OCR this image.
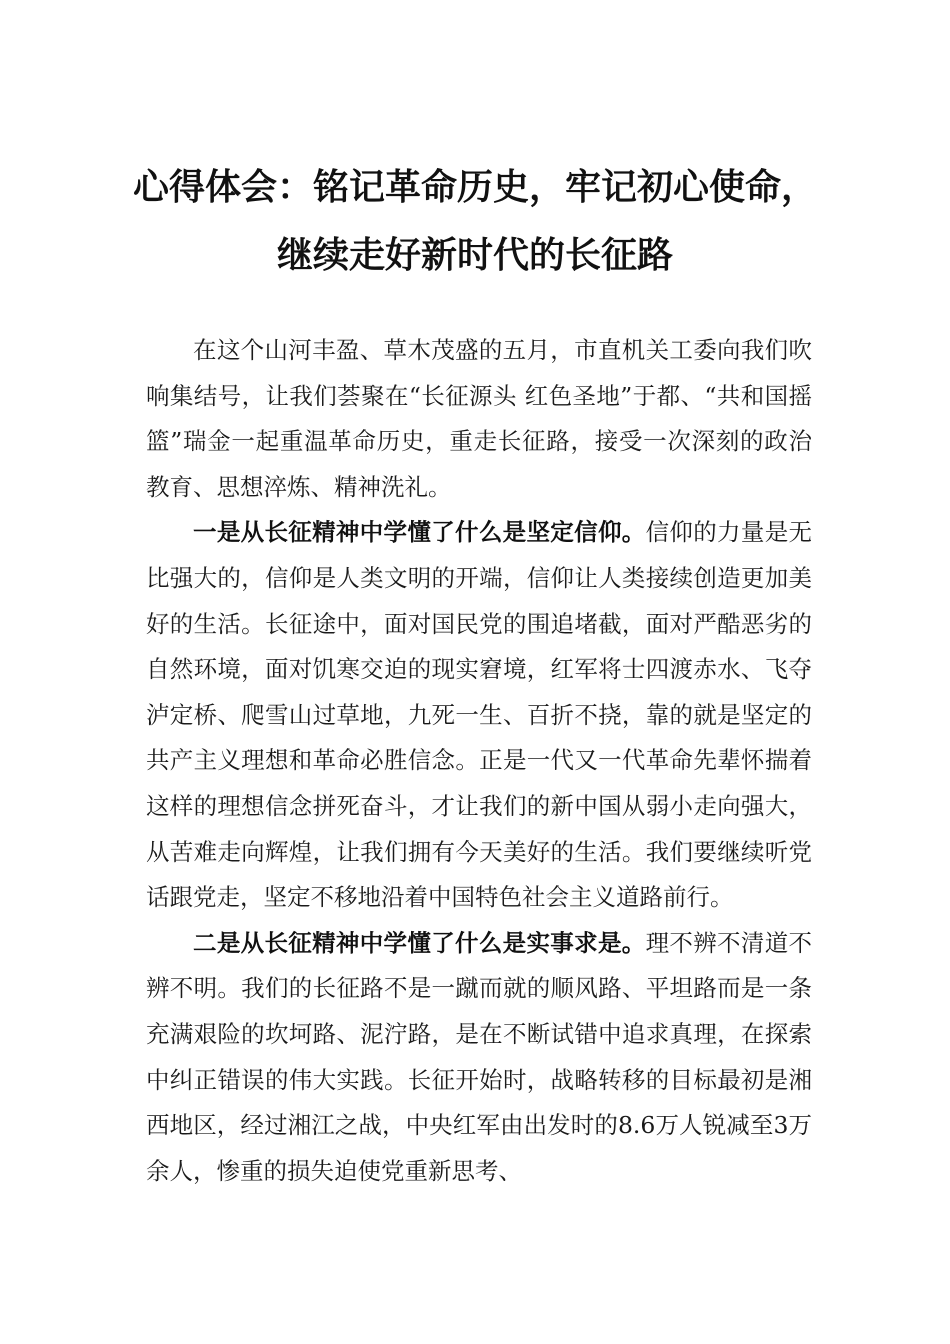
心得体会：铭记革命历史，牢记初心使命，
继续走好新时代的长征路

在这个山河丰盈、草木茂盛的五月，市直机关工委向我们吹响集结号，让我们荟聚在“长征源头 红色圣地”于都、“共和国摇篮”瑞金一起重温革命历史，重走长征路，接受一次深刻的政治教育、思想淬炼、精神洗礼。

一是从长征精神中学懂了什么是坚定信仰。信仰的力量是无比强大的，信仰是人类文明的开端，信仰让人类接续创造更加美好的生活。长征途中，面对国民党的围追堵截，面对严酷恶劣的自然环境，面对饥寒交迫的现实窘境，红军将士四渡赤水、飞夺泸定桥、爬雪山过草地，九死一生、百折不挠，靠的就是坚定的共产主义理想和革命必胜信念。正是一代又一代革命先辈怀揣着这样的理想信念拼死奋斗，才让我们的新中国从弱小走向强大，从苦难走向辉煌，让我们拥有今天美好的生活。我们要继续听党话跟党走，坚定不移地沿着中国特色社会主义道路前行。

二是从长征精神中学懂了什么是实事求是。理不辨不清道不辨不明。我们的长征路不是一蹴而就的顺风路、平坦路而是一条充满艰险的坎坷路、泥泞路，是在不断试错中追求真理，在探索中纠正错误的伟大实践。长征开始时，战略转移的目标最初是湘西地区，经过湘江之战，中央红军由出发时的8.6万人锐减至3万余人，惨重的损失迫使党重新思考、
